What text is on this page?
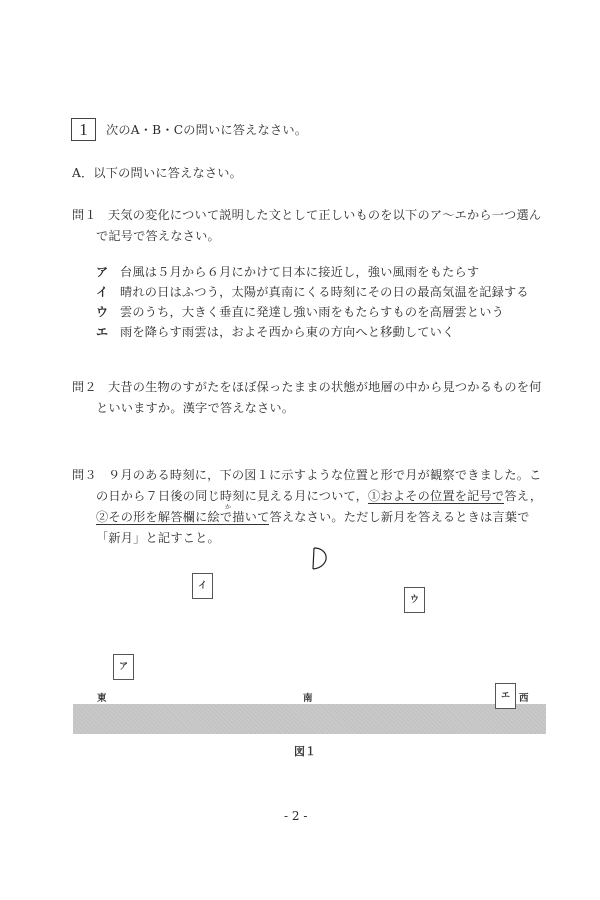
1	次のA・B・Cの問いに答えなさい。
A．以下の問いに答えなさい。
問１ 天気の変化について説明した文として正しいものを以下のア〜エから一つ選ん
で記号で答えなさい。
ア 台風は５月から６月にかけて日本に接近し，強い風雨をもたらす
イ 晴れの日はふつう，太陽が真南にくる時刻にその日の最高気温を記録する
ウ 雲のうち，大きく垂直に発達し強い雨をもたらすものを高層雲という
エ 雨を降らす雨雲は，およそ西から東の方向へと移動していく
問２ 大昔の生物のすがたをほぼ保ったままの状態が地層の中から見つかるものを何
といいますか。漢字で答えなさい。
問３ ９月のある時刻に，下の図１に示すような位置と形で月が観察できました。こ
の日から７日後の同じ時刻に見える月について，①およその位置を記号で答え，
か
②その形を解答欄に絵で描いて答えなさい。ただし新月を答えるときは言葉で
「新月」と記すこと。
イ
ウ
ア
東	南	西
エ
図１
- 2 -
